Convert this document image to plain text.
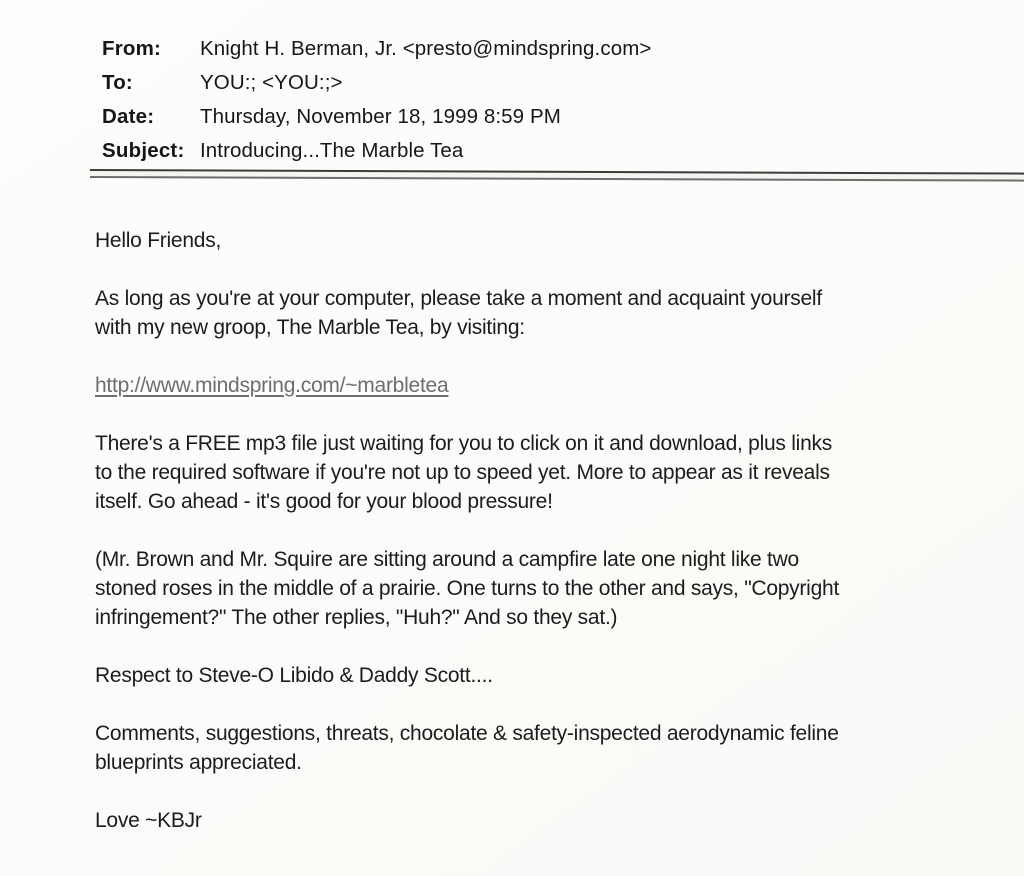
From:	Knight H. Berman, Jr. <presto@mindspring.com>
To:	YOU:; <YOU:;>
Date:	Thursday, November 18, 1999 8:59 PM
Subject: Introducing...The Marble Tea

Hello Friends,

As long as you're at your computer, please take a moment and acquaint yourself with my new groop, The Marble Tea, by visiting:

http://www.mindspring.com/~marbletea

There's a FREE mp3 file just waiting for you to click on it and download, plus links to the required software if you're not up to speed yet. More to appear as it reveals itself. Go ahead - it's good for your blood pressure!

(Mr. Brown and Mr. Squire are sitting around a campfire late one night like two stoned roses in the middle of a prairie. One turns to the other and says, "Copyright infringement?" The other replies, "Huh?" And so they sat.)

Respect to Steve-O Libido & Daddy Scott....

Comments, suggestions, threats, chocolate & safety-inspected aerodynamic feline blueprints appreciated.

Love ~KBJr
